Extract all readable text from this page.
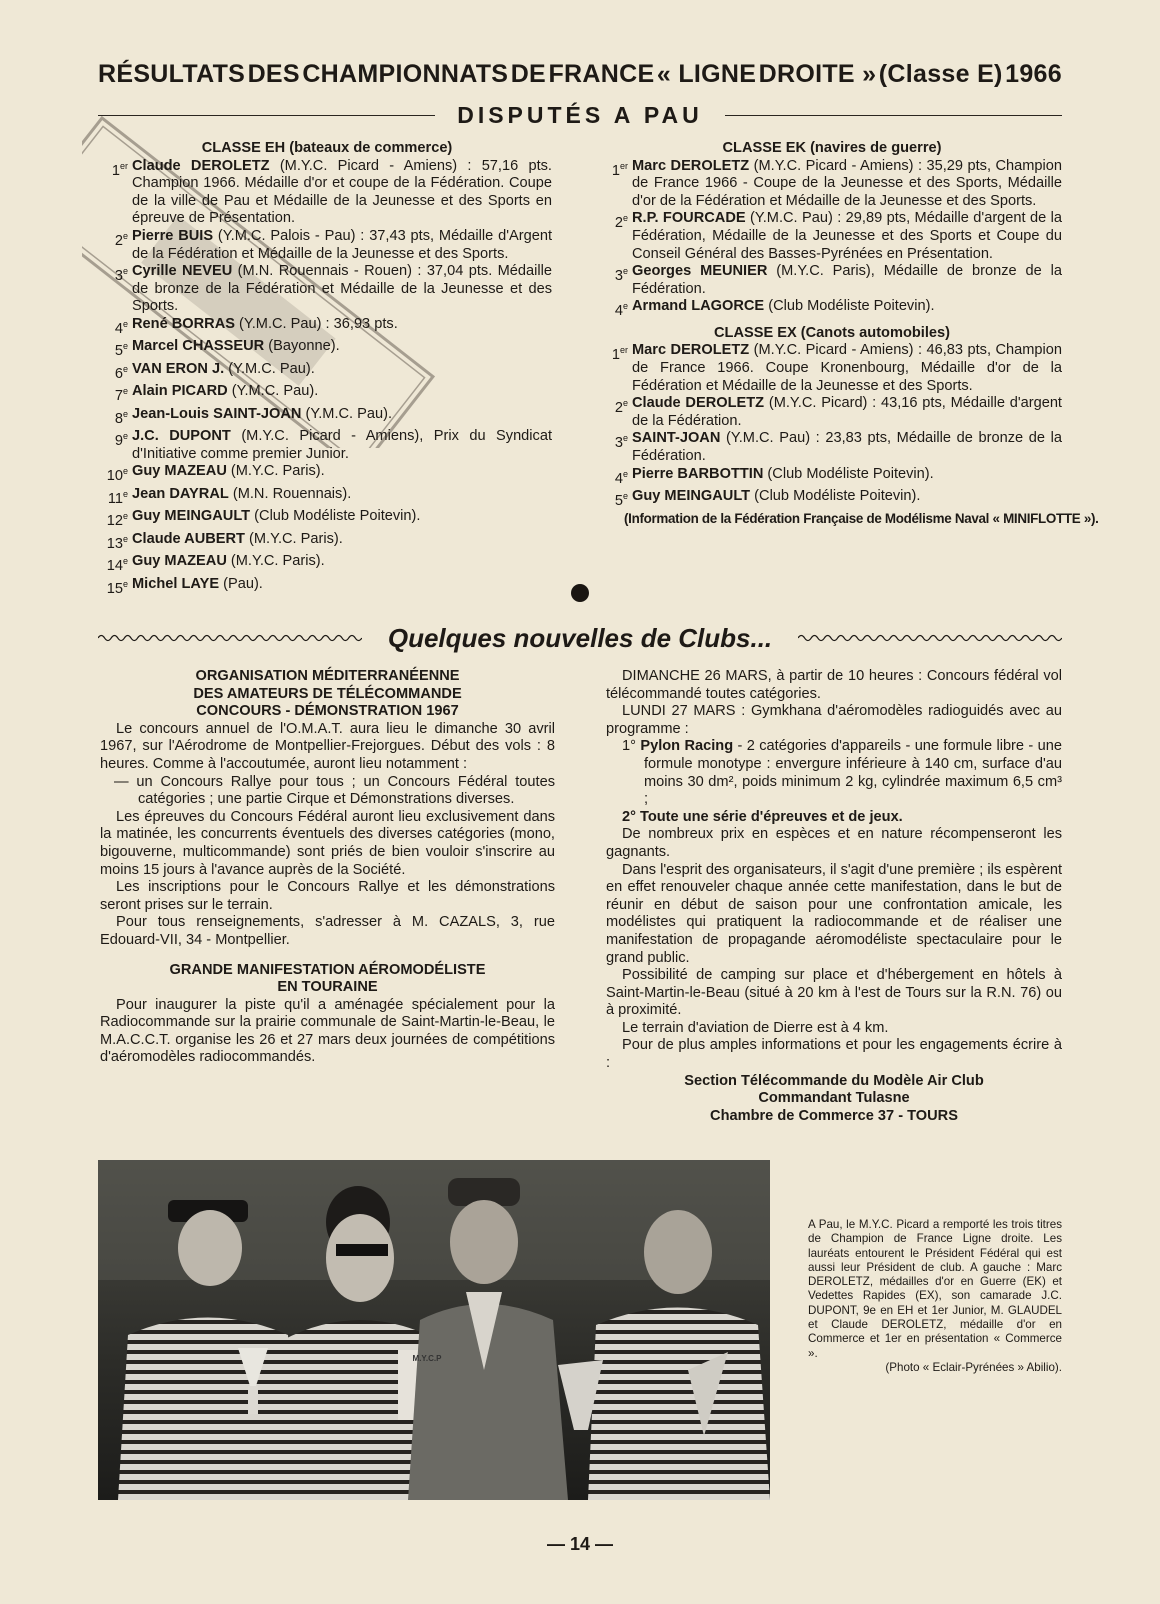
RÉSULTATS DES CHAMPIONNATS DE FRANCE « LIGNE DROITE » (Classe E) 1966
DISPUTÉS A PAU

CLASSE EH (bateaux de commerce)

1er Claude DEROLETZ (M.Y.C. Picard - Amiens) : 57,16 pts. Champion 1966. Médaille d'or et coupe de la Fédération. Coupe de la ville de Pau et Médaille de la Jeunesse et des Sports en épreuve de Présentation.
2e Pierre BUIS (Y.M.C. Palois - Pau) : 37,43 pts, Médaille d'Argent de la Fédération et Médaille de la Jeunesse et des Sports.
3e Cyrille NEVEU (M.N. Rouennais - Rouen) : 37,04 pts. Médaille de bronze de la Fédération et Médaille de la Jeunesse et des Sports.
4e René BORRAS (Y.M.C. Pau) : 36,93 pts.
5e Marcel CHASSEUR (Bayonne).
6e VAN ERON J. (Y.M.C. Pau).
7e Alain PICARD (Y.M.C. Pau).
8e Jean-Louis SAINT-JOAN (Y.M.C. Pau).
9e J.C. DUPONT (M.Y.C. Picard - Amiens), Prix du Syndicat d'Initiative comme premier Junior.
10e Guy MAZEAU (M.Y.C. Paris).
11e Jean DAYRAL (M.N. Rouennais).
12e Guy MEINGAULT (Club Modéliste Poitevin).
13e Claude AUBERT (M.Y.C. Paris).
14e Guy MAZEAU (M.Y.C. Paris).
15e Michel LAYE (Pau).

CLASSE EK (navires de guerre)

1er Marc DEROLETZ (M.Y.C. Picard - Amiens) : 35,29 pts, Champion de France 1966 - Coupe de la Jeunesse et des Sports, Médaille d'or de la Fédération et Médaille de la Jeunesse et des Sports.
2e R.P. FOURCADE (Y.M.C. Pau) : 29,89 pts, Médaille d'argent de la Fédération, Médaille de la Jeunesse et des Sports et Coupe du Conseil Général des Basses-Pyrénées en Présentation.
3e Georges MEUNIER (M.Y.C. Paris), Médaille de bronze de la Fédération.
4e Armand LAGORCE (Club Modéliste Poitevin).

CLASSE EX (Canots automobiles)

1er Marc DEROLETZ (M.Y.C. Picard - Amiens) : 46,83 pts, Champion de France 1966. Coupe Kronenbourg, Médaille d'or de la Fédération et Médaille de la Jeunesse et des Sports.
2e Claude DEROLETZ (M.Y.C. Picard) : 43,16 pts, Médaille d'argent de la Fédération.
3e SAINT-JOAN (Y.M.C. Pau) : 23,83 pts, Médaille de bronze de la Fédération.
4e Pierre BARBOTTIN (Club Modéliste Poitevin).
5e Guy MEINGAULT (Club Modéliste Poitevin).

(Information de la Fédération Française de Modélisme Naval « MINIFLOTTE »).

Quelques nouvelles de Clubs...

ORGANISATION MÉDITERRANÉENNE

DES AMATEURS DE TÉLÉCOMMANDE

CONCOURS - DÉMONSTRATION 1967

Le concours annuel de l'O.M.A.T. aura lieu le dimanche 30 avril 1967, sur l'Aérodrome de Montpellier-Frejorgues. Début des vols : 8 heures. Comme à l'accoutumée, auront lieu notamment :

— un Concours Rallye pour tous ; un Concours Fédéral toutes catégories ; une partie Cirque et Démonstrations diverses.

Les épreuves du Concours Fédéral auront lieu exclusivement dans la matinée, les concurrents éventuels des diverses catégories (mono, bigouverne, multicommande) sont priés de bien vouloir s'inscrire au moins 15 jours à l'avance auprès de la Société.

Les inscriptions pour le Concours Rallye et les démonstrations seront prises sur le terrain.

Pour tous renseignements, s'adresser à M. CAZALS, 3, rue Edouard-VII, 34 - Montpellier.

GRANDE MANIFESTATION AÉROMODÉLISTE

EN TOURAINE

Pour inaugurer la piste qu'il a aménagée spécialement pour la Radiocommande sur la prairie communale de Saint-Martin-le-Beau, le M.A.C.C.T. organise les 26 et 27 mars deux journées de compétitions d'aéromodèles radiocommandés.

DIMANCHE 26 MARS, à partir de 10 heures : Concours fédéral vol télécommandé toutes catégories.

LUNDI 27 MARS : Gymkhana d'aéromodèles radioguidés avec au programme :

1° Pylon Racing - 2 catégories d'appareils - une formule libre - une formule monotype : envergure inférieure à 140 cm, surface d'au moins 30 dm², poids minimum 2 kg, cylindrée maximum 6,5 cm³ ;

2° Toute une série d'épreuves et de jeux.

De nombreux prix en espèces et en nature récompenseront les gagnants.

Dans l'esprit des organisateurs, il s'agit d'une première ; ils espèrent en effet renouveler chaque année cette manifestation, dans le but de réunir en début de saison pour une confrontation amicale, les modélistes qui pratiquent la radiocommande et de réaliser une manifestation de propagande aéromodéliste spectaculaire pour le grand public.

Possibilité de camping sur place et d'hébergement en hôtels à Saint-Martin-le-Beau (situé à 20 km à l'est de Tours sur la R.N. 76) ou à proximité.

Le terrain d'aviation de Dierre est à 4 km.

Pour de plus amples informations et pour les engagements écrire à :

Section Télécommande du Modèle Air Club

Commandant Tulasne

Chambre de Commerce 37 - TOURS

M.Y.C.P

A Pau, le M.Y.C. Picard a remporté les trois titres de Champion de France Ligne droite. Les lauréats entourent le Président Fédéral qui est aussi leur Président de club. A gauche : Marc DEROLETZ, médailles d'or en Guerre (EK) et Vedettes Rapides (EX), son camarade J.C. DUPONT, 9e en EH et 1er Junior, M. GLAUDEL et Claude DEROLETZ, médaille d'or en Commerce et 1er en présentation « Commerce ».

(Photo « Eclair-Pyrénées » Abilio).

— 14 —
